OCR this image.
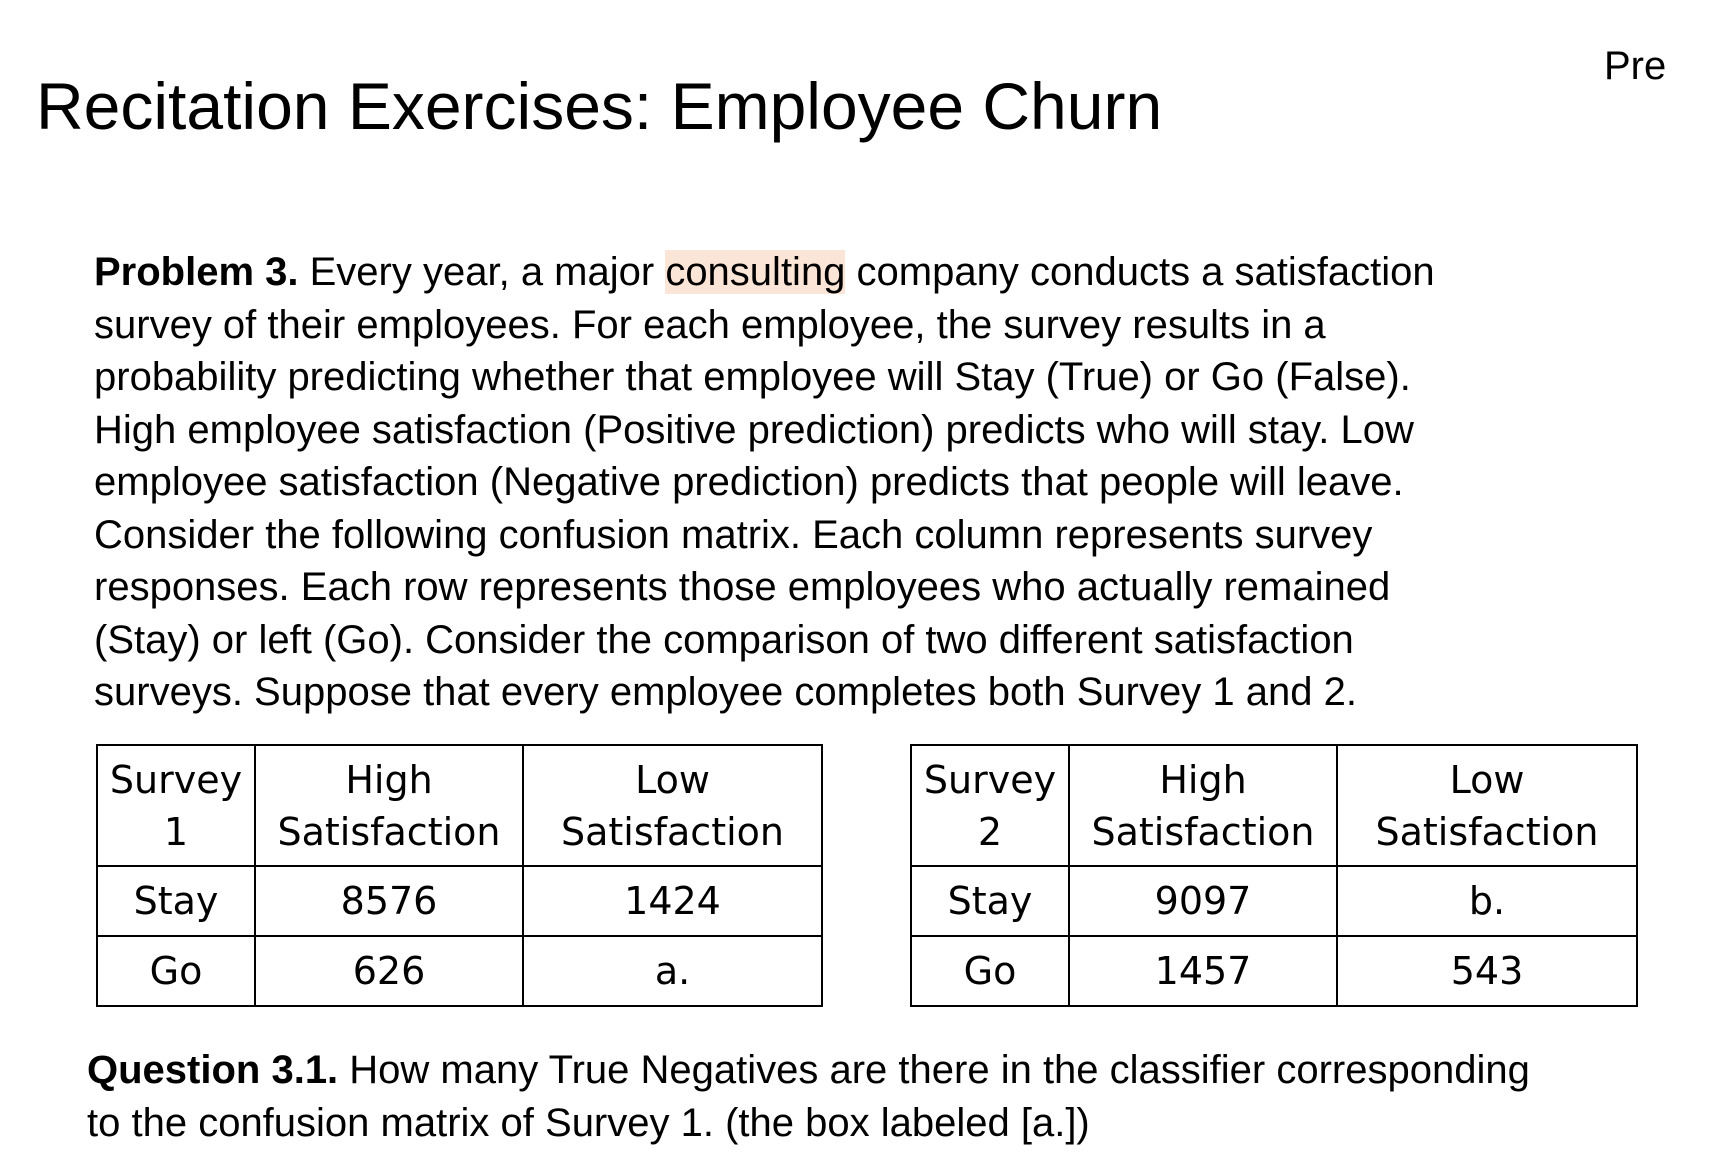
Pre
Recitation Exercises: Employee Churn
Problem 3. Every year, a major consulting company conducts a satisfaction
survey of their employees. For each employee, the survey results in a
probability predicting whether that employee will Stay (True) or Go (False).
High employee satisfaction (Positive prediction) predicts who will stay. Low
employee satisfaction (Negative prediction) predicts that people will leave.
Consider the following confusion matrix. Each column represents survey
responses. Each row represents those employees who actually remained
(Stay) or left (Go). Consider the comparison of two different satisfaction
surveys. Suppose that every employee completes both Survey 1 and 2.
Survey
1	High
Satisfaction	Low
Satisfaction
Stay	8576	1424
Go	626	a.
Survey
2	High
Satisfaction	Low
Satisfaction
Stay	9097	b.
Go	1457	543
Question 3.1. How many True Negatives are there in the classifier corresponding
to the confusion matrix of Survey 1. (the box labeled [a.])
